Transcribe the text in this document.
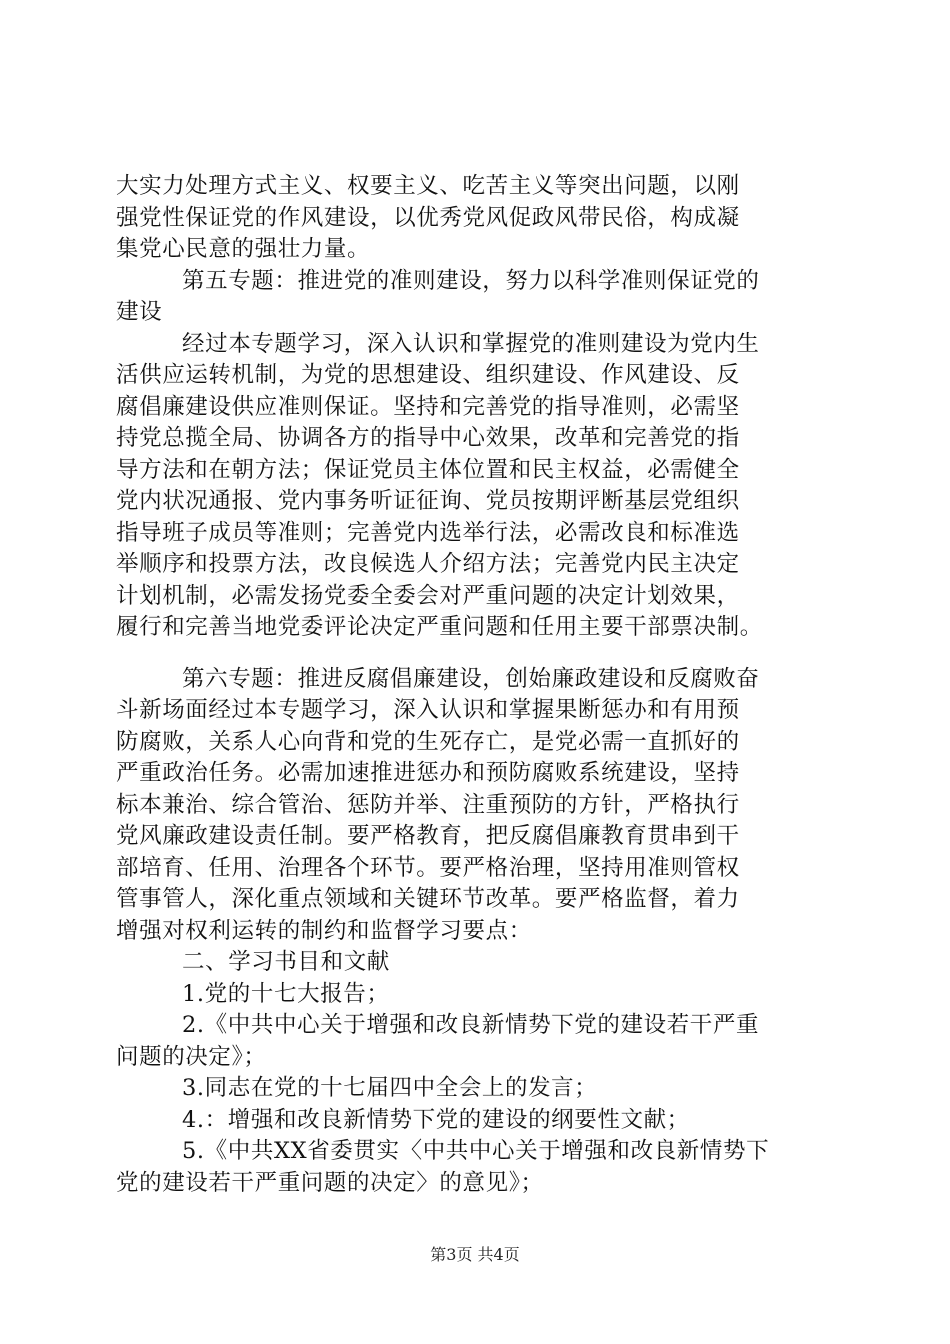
大实力处理方式主义、权要主义、吃苦主义等突出问题，以刚
强党性保证党的作风建设，以优秀党风促政风带民俗，构成凝
集党心民意的强壮力量。
第五专题：推进党的准则建设，努力以科学准则保证党的
建设
经过本专题学习，深入认识和掌握党的准则建设为党内生
活供应运转机制，为党的思想建设、组织建设、作风建设、反
腐倡廉建设供应准则保证。坚持和完善党的指导准则，必需坚
持党总揽全局、协调各方的指导中心效果，改革和完善党的指
导方法和在朝方法；保证党员主体位置和民主权益，必需健全
党内状况通报、党内事务听证征询、党员按期评断基层党组织
指导班子成员等准则；完善党内选举行法，必需改良和标准选
举顺序和投票方法，改良候选人介绍方法；完善党内民主决定
计划机制，必需发扬党委全委会对严重问题的决定计划效果，
履行和完善当地党委评论决定严重问题和任用主要干部票决制。
第六专题：推进反腐倡廉建设，创始廉政建设和反腐败奋
斗新场面经过本专题学习，深入认识和掌握果断惩办和有用预
防腐败，关系人心向背和党的生死存亡，是党必需一直抓好的
严重政治任务。必需加速推进惩办和预防腐败系统建设，坚持
标本兼治、综合管治、惩防并举、注重预防的方针，严格执行
党风廉政建设责任制。要严格教育，把反腐倡廉教育贯串到干
部培育、任用、治理各个环节。要严格治理，坚持用准则管权
管事管人，深化重点领域和关键环节改革。要严格监督，着力
增强对权利运转的制约和监督学习要点：
二、学习书目和文献
1.党的十七大报告；
2.《中共中心关于增强和改良新情势下党的建设若干严重
问题的决定》；
3.同志在党的十七届四中全会上的发言；
4.：增强和改良新情势下党的建设的纲要性文献；
5.《中共XX省委贯实〈中共中心关于增强和改良新情势下
党的建设若干严重问题的决定〉的意见》；
第3页 共4页
